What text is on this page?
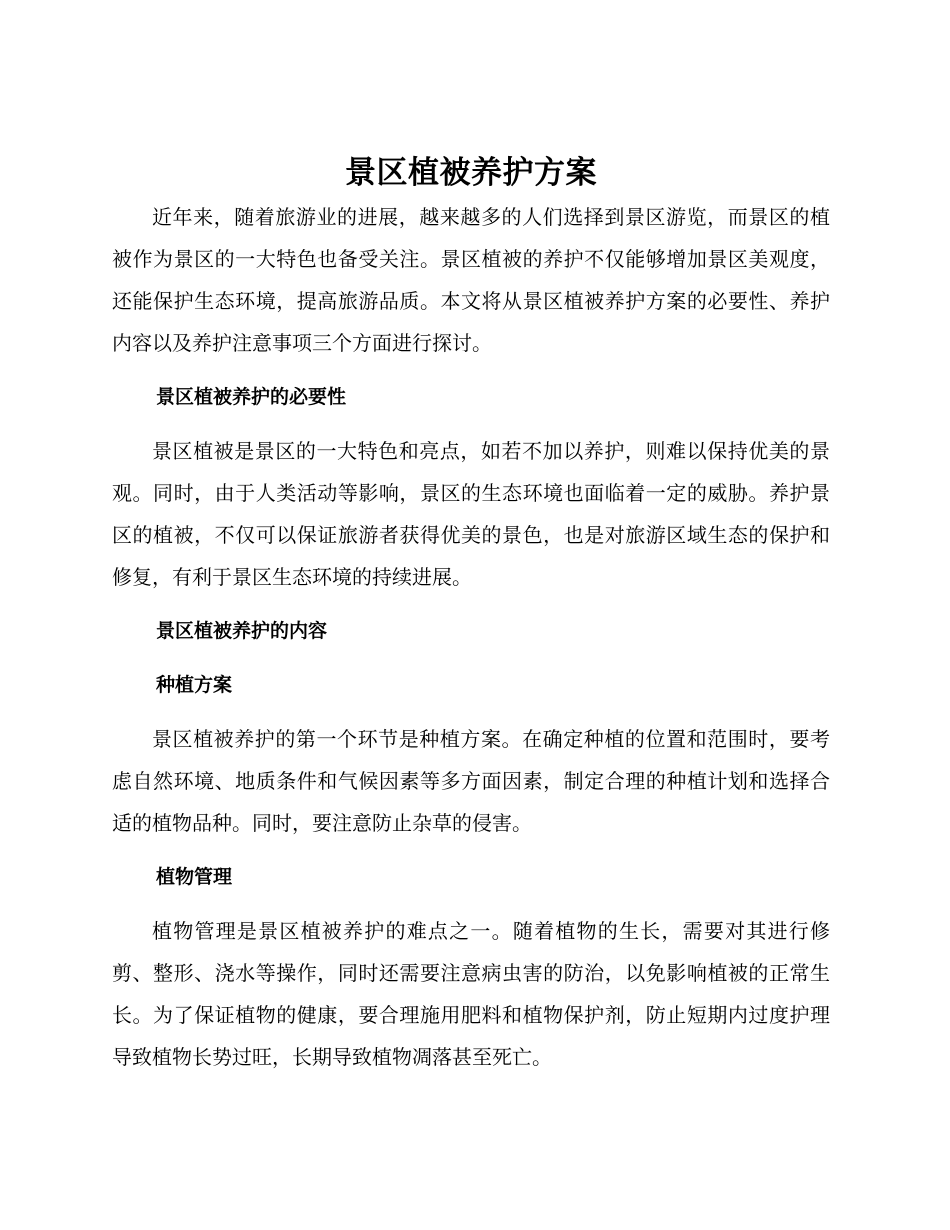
景区植被养护方案

近年来，随着旅游业的进展，越来越多的人们选择到景区游览，而景区的植被作为景区的一大特色也备受关注。景区植被的养护不仅能够增加景区美观度，还能保护生态环境，提高旅游品质。本文将从景区植被养护方案的必要性、养护内容以及养护注意事项三个方面进行探讨。

景区植被养护的必要性

景区植被是景区的一大特色和亮点，如若不加以养护，则难以保持优美的景观。同时，由于人类活动等影响，景区的生态环境也面临着一定的威胁。养护景区的植被，不仅可以保证旅游者获得优美的景色，也是对旅游区域生态的保护和修复，有利于景区生态环境的持续进展。

景区植被养护的内容
种植方案

景区植被养护的第一个环节是种植方案。在确定种植的位置和范围时，要考虑自然环境、地质条件和气候因素等多方面因素，制定合理的种植计划和选择合适的植物品种。同时，要注意防止杂草的侵害。

植物管理

植物管理是景区植被养护的难点之一。随着植物的生长，需要对其进行修剪、整形、浇水等操作，同时还需要注意病虫害的防治，以免影响植被的正常生长。为了保证植物的健康，要合理施用肥料和植物保护剂，防止短期内过度护理导致植物长势过旺，长期导致植物凋落甚至死亡。
